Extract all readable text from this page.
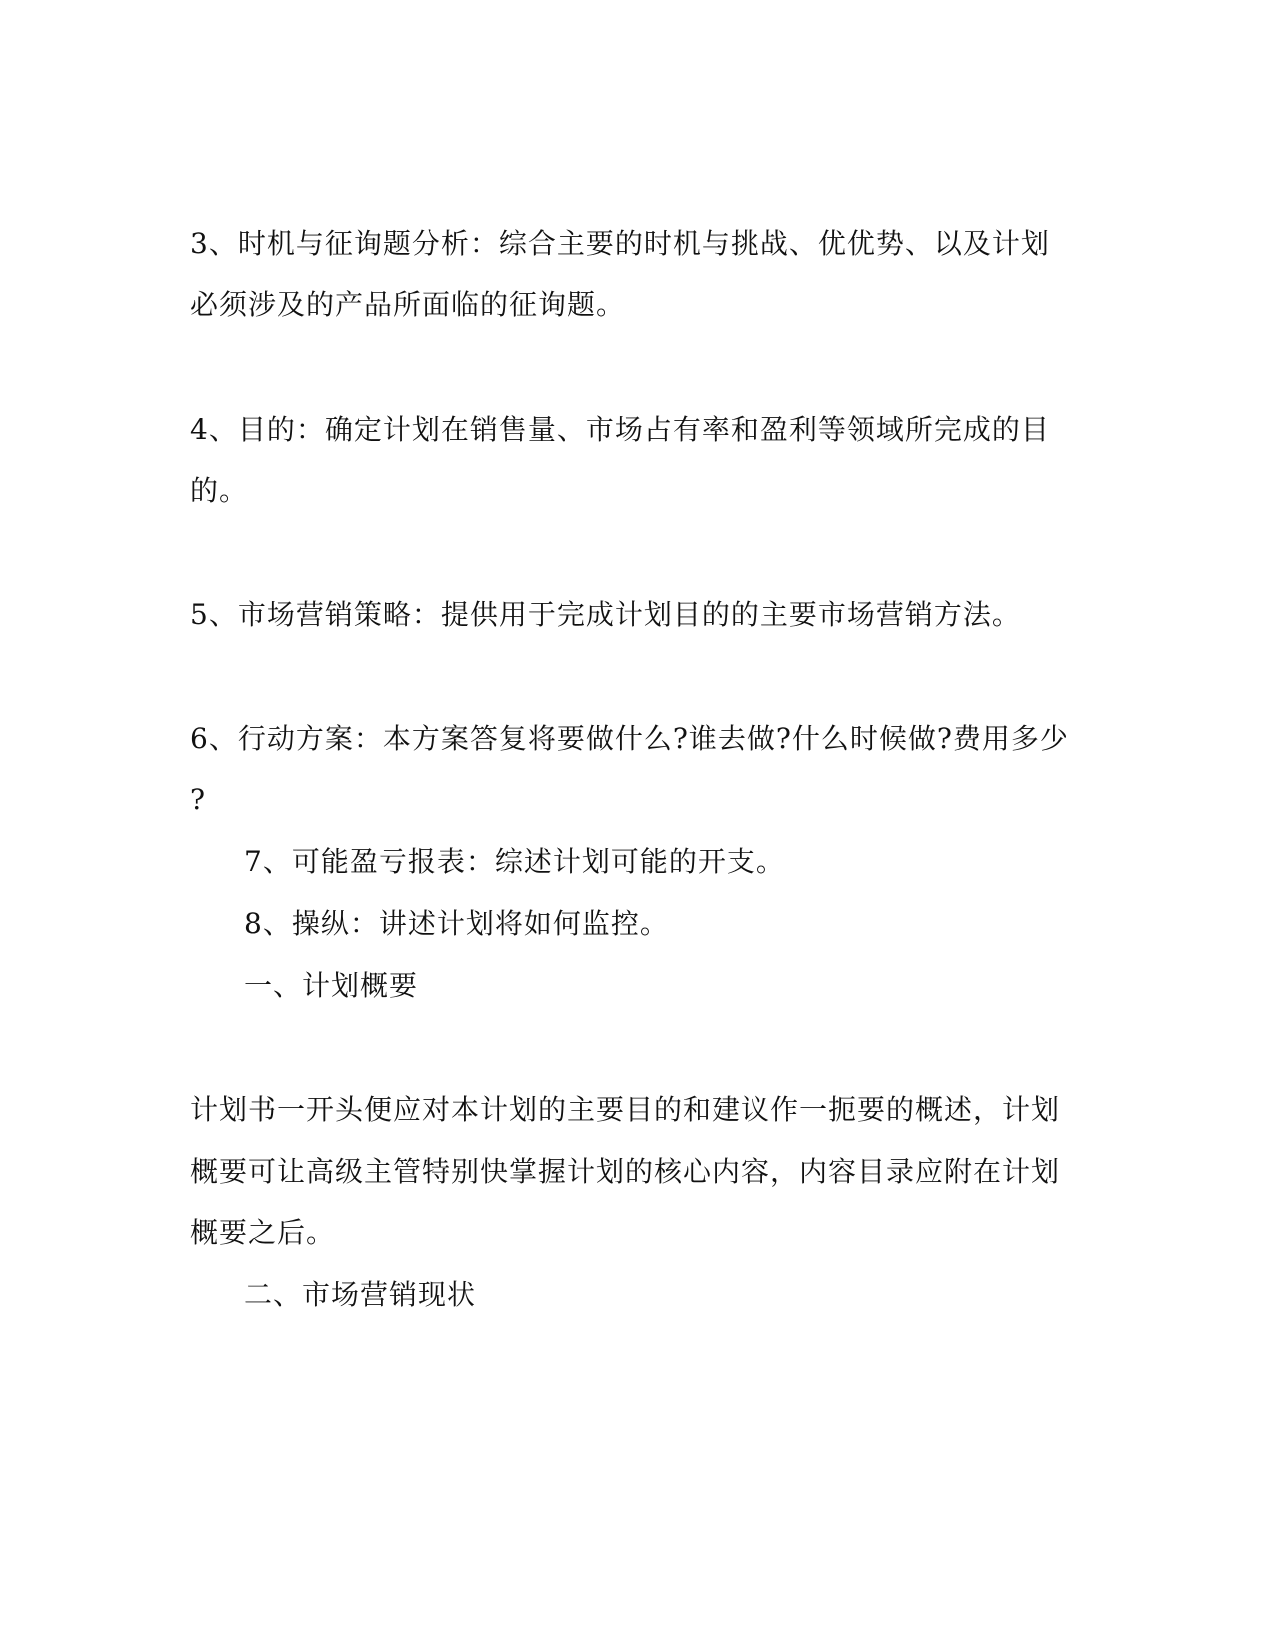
3、时机与征询题分析：综合主要的时机与挑战、优优势、以及计划
必须涉及的产品所面临的征询题。
4、目的：确定计划在销售量、市场占有率和盈利等领域所完成的目
的。
5、市场营销策略：提供用于完成计划目的的主要市场营销方法。
6、行动方案：本方案答复将要做什么?谁去做?什么时候做?费用多少
?
7、可能盈亏报表：综述计划可能的开支。
8、操纵：讲述计划将如何监控。
一、计划概要
计划书一开头便应对本计划的主要目的和建议作一扼要的概述，计划
概要可让高级主管特别快掌握计划的核心内容，内容目录应附在计划
概要之后。
二、市场营销现状
